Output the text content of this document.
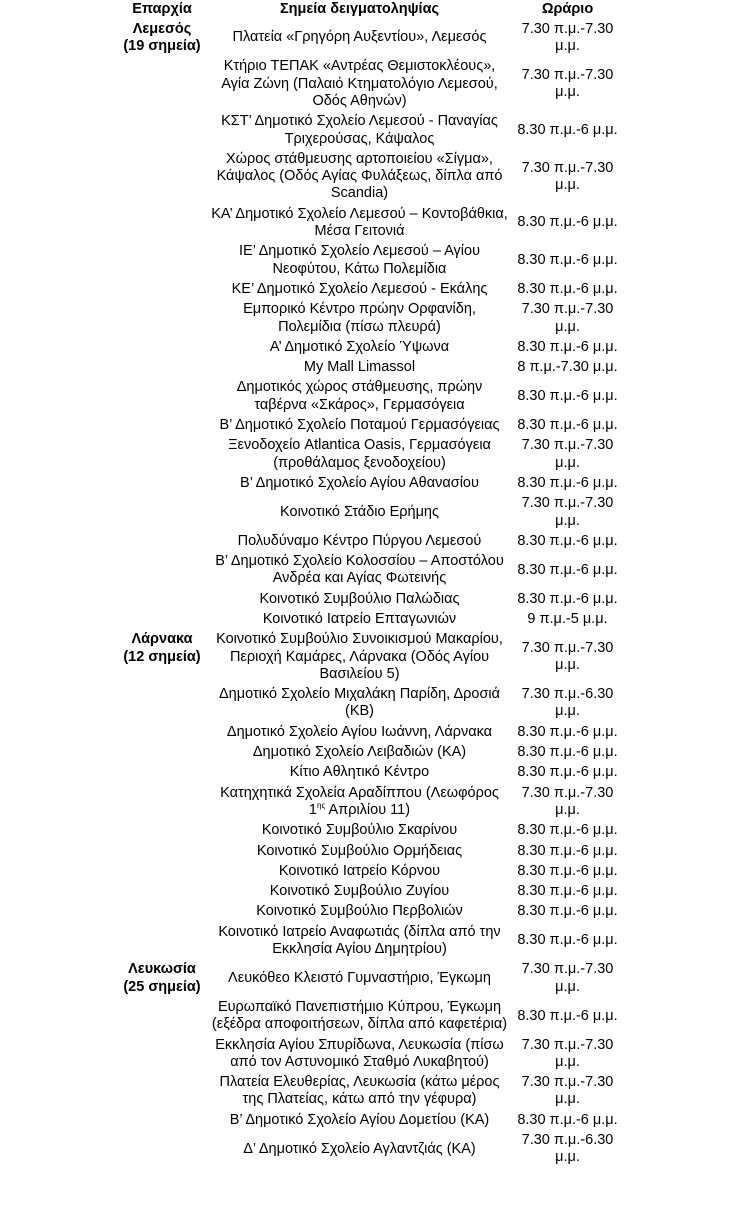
Επαρχία	Σημεία δειγματοληψίας	Ωράριο

Λεμεσός
(19 σημεία)	Πλατεία «Γρηγόρη Αυξεντίου», Λεμεσός	7.30 π.μ.-7.30 μ.μ.
	Κτήριο ΤΕΠΑΚ «Αντρέας Θεμιστοκλέους», Αγία Ζώνη (Παλαιό Κτηματολόγιο Λεμεσού, Οδός Αθηνών)	7.30 π.μ.-7.30 μ.μ.
	ΚΣΤ’ Δημοτικό Σχολείο Λεμεσού - Παναγίας Τριχερούσας, Κάψαλος	8.30 π.μ.-6 μ.μ.
	Χώρος στάθμευσης αρτοποιείου «Σίγμα», Κάψαλος (Οδός Αγίας Φυλάξεως, δίπλα από Scandia)	7.30 π.μ.-7.30 μ.μ.
	ΚΑ’ Δημοτικό Σχολείο Λεμεσού – Κοντοβάθκια, Μέσα Γειτονιά	8.30 π.μ.-6 μ.μ.
	ΙΕ’ Δημοτικό Σχολείο Λεμεσού – Αγίου Νεοφύτου, Κάτω Πολεμίδια	8.30 π.μ.-6 μ.μ.
	ΚΕ’ Δημοτικό Σχολείο Λεμεσού - Εκάλης	8.30 π.μ.-6 μ.μ.
	Εμπορικό Κέντρο πρώην Ορφανίδη, Πολεμίδια (πίσω πλευρά)	7.30 π.μ.-7.30 μ.μ.
	Α’ Δημοτικό Σχολείο Ύψωνα	8.30 π.μ.-6 μ.μ.
	My Mall Limassol	8 π.μ.-7.30 μ.μ.
	Δημοτικός χώρος στάθμευσης, πρώην ταβέρνα «Σκάρος», Γερμασόγεια	8.30 π.μ.-6 μ.μ.
	Β’ Δημοτικό Σχολείο Ποταμού Γερμασόγειας	8.30 π.μ.-6 μ.μ.
	Ξενοδοχείο Atlantica Oasis, Γερμασόγεια (προθάλαμος ξενοδοχείου)	7.30 π.μ.-7.30 μ.μ.
	Β’ Δημοτικό Σχολείο Αγίου Αθανασίου	8.30 π.μ.-6 μ.μ.
	Κοινοτικό Στάδιο Ερήμης	7.30 π.μ.-7.30 μ.μ.
	Πολυδύναμο Κέντρο Πύργου Λεμεσού	8.30 π.μ.-6 μ.μ.
	Β’ Δημοτικό Σχολείο Κολοσσίου – Αποστόλου Ανδρέα και Αγίας Φωτεινής	8.30 π.μ.-6 μ.μ.
	Κοινοτικό Συμβούλιο Παλώδιας	8.30 π.μ.-6 μ.μ.
	Κοινοτικό Ιατρείο Επταγωνιών	9 π.μ.-5 μ.μ.

Λάρνακα
(12 σημεία)	Κοινοτικό Συμβούλιο Συνοικισμού Μακαρίου, Περιοχή Καμάρες, Λάρνακα (Οδός Αγίου Βασιλείου 5)	7.30 π.μ.-7.30 μ.μ.
	Δημοτικό Σχολείο Μιχαλάκη Παρίδη, Δροσιά (ΚΒ)	7.30 π.μ.-6.30 μ.μ.
	Δημοτικό Σχολείο Αγίου Ιωάννη, Λάρνακα	8.30 π.μ.-6 μ.μ.
	Δημοτικό Σχολείο Λειβαδιών (ΚΑ)	8.30 π.μ.-6 μ.μ.
	Κίτιο Αθλητικό Κέντρο	8.30 π.μ.-6 μ.μ.
	Κατηχητικά Σχολεία Αραδίππου (Λεωφόρος $1^{\eta\varsigma}$ Απριλίου 11)	7.30 π.μ.-7.30 μ.μ.
	Κοινοτικό Συμβούλιο Σκαρίνου	8.30 π.μ.-6 μ.μ.
	Κοινοτικό Συμβούλιο Ορμήδειας	8.30 π.μ.-6 μ.μ.
	Κοινοτικό Ιατρείο Κόρνου	8.30 π.μ.-6 μ.μ.
	Κοινοτικό Συμβούλιο Ζυγίου	8.30 π.μ.-6 μ.μ.
	Κοινοτικό Συμβούλιο Περβολιών	8.30 π.μ.-6 μ.μ.
	Κοινοτικό Ιατρείο Αναφωτιάς (δίπλα από την Εκκλησία Αγίου Δημητρίου)	8.30 π.μ.-6 μ.μ.

Λευκωσία
(25 σημεία)	Λευκόθεο Κλειστό Γυμναστήριο, Έγκωμη	7.30 π.μ.-7.30 μ.μ.
	Ευρωπαϊκό Πανεπιστήμιο Κύπρου, Έγκωμη (εξέδρα αποφοιτήσεων, δίπλα από καφετέρια)	8.30 π.μ.-6 μ.μ.
	Εκκλησία Αγίου Σπυρίδωνα, Λευκωσία (πίσω από τον Αστυνομικό Σταθμό Λυκαβητού)	7.30 π.μ.-7.30 μ.μ.
	Πλατεία Ελευθερίας, Λευκωσία (κάτω μέρος της Πλατείας, κάτω από την γέφυρα)	7.30 π.μ.-7.30 μ.μ.
	Β’ Δημοτικό Σχολείο Αγίου Δομετίου (ΚΑ)	8.30 π.μ.-6 μ.μ.
	Δ’ Δημοτικό Σχολείο Αγλαντζιάς (ΚΑ)	7.30 π.μ.-6.30 μ.μ.
